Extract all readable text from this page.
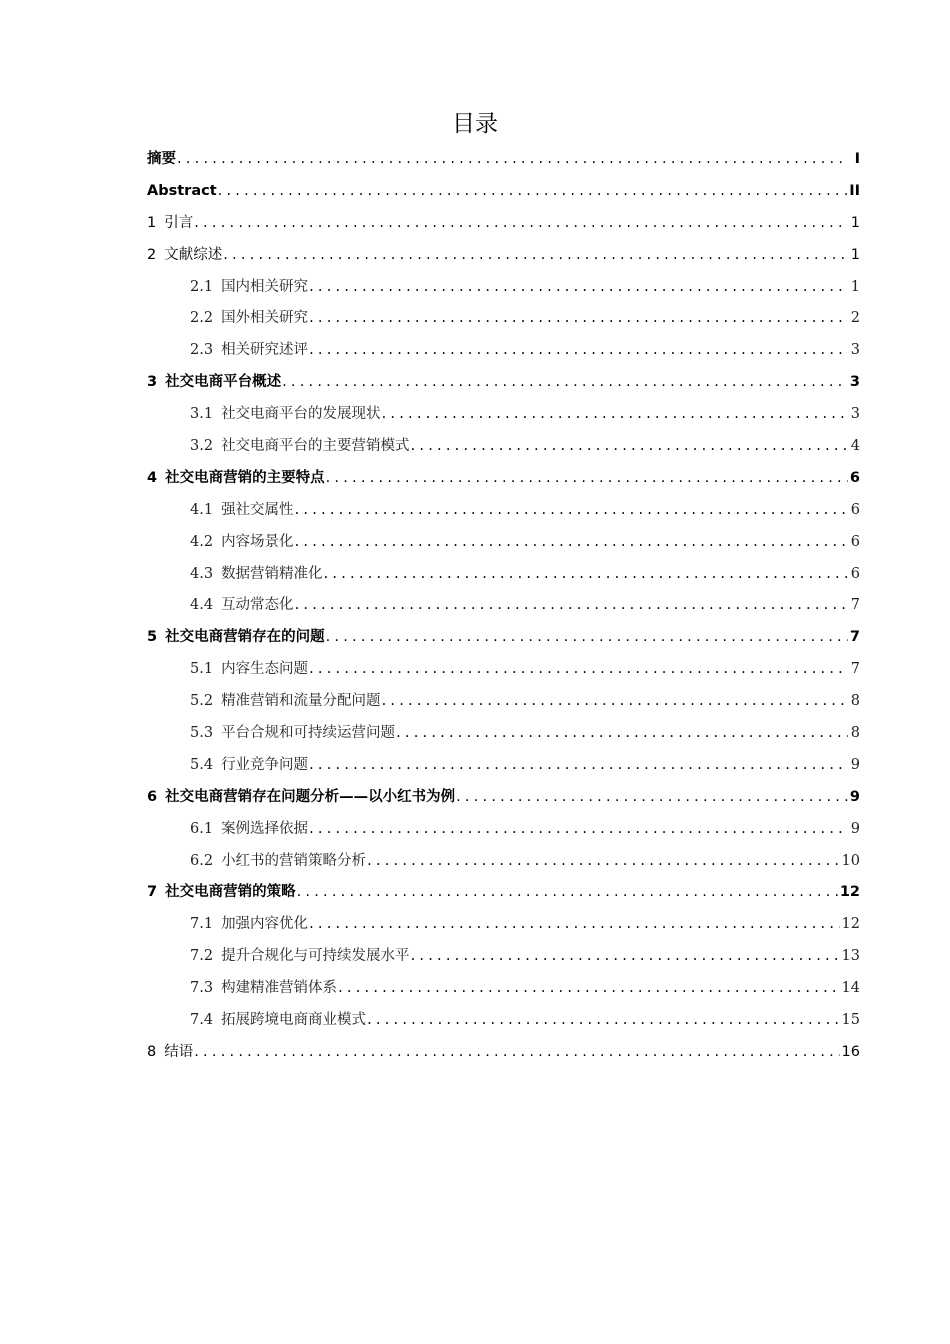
目录
摘要 . . .	I
Abstract . . .	II
1 引言 . . .	1
2 文献综述 . . .	1
2.1 国内相关研究 . . .	1
2.2 国外相关研究 . . .	2
2.3 相关研究述评 . . .	3
3 社交电商平台概述 . . .	3
3.1 社交电商平台的发展现状 . . .	3
3.2 社交电商平台的主要营销模式 . . .	4
4 社交电商营销的主要特点 . . .	6
4.1 强社交属性 . . .	6
4.2 内容场景化 . . .	6
4.3 数据营销精准化 . . .	6
4.4 互动常态化 . . .	7
5 社交电商营销存在的问题 . . .	7
5.1 内容生态问题 . . .	7
5.2 精准营销和流量分配问题 . . .	8
5.3 平台合规和可持续运营问题 . . .	8
5.4 行业竞争问题 . . .	9
6 社交电商营销存在问题分析——以小红书为例 . . .	9
6.1 案例选择依据 . . .	9
6.2 小红书的营销策略分析 . . .	10
7 社交电商营销的策略 . . .	12
7.1 加强内容优化 . . .	12
7.2 提升合规化与可持续发展水平 . . .	13
7.3 构建精准营销体系 . . .	14
7.4 拓展跨境电商商业模式 . . .	15
8 结语 . . .	16
